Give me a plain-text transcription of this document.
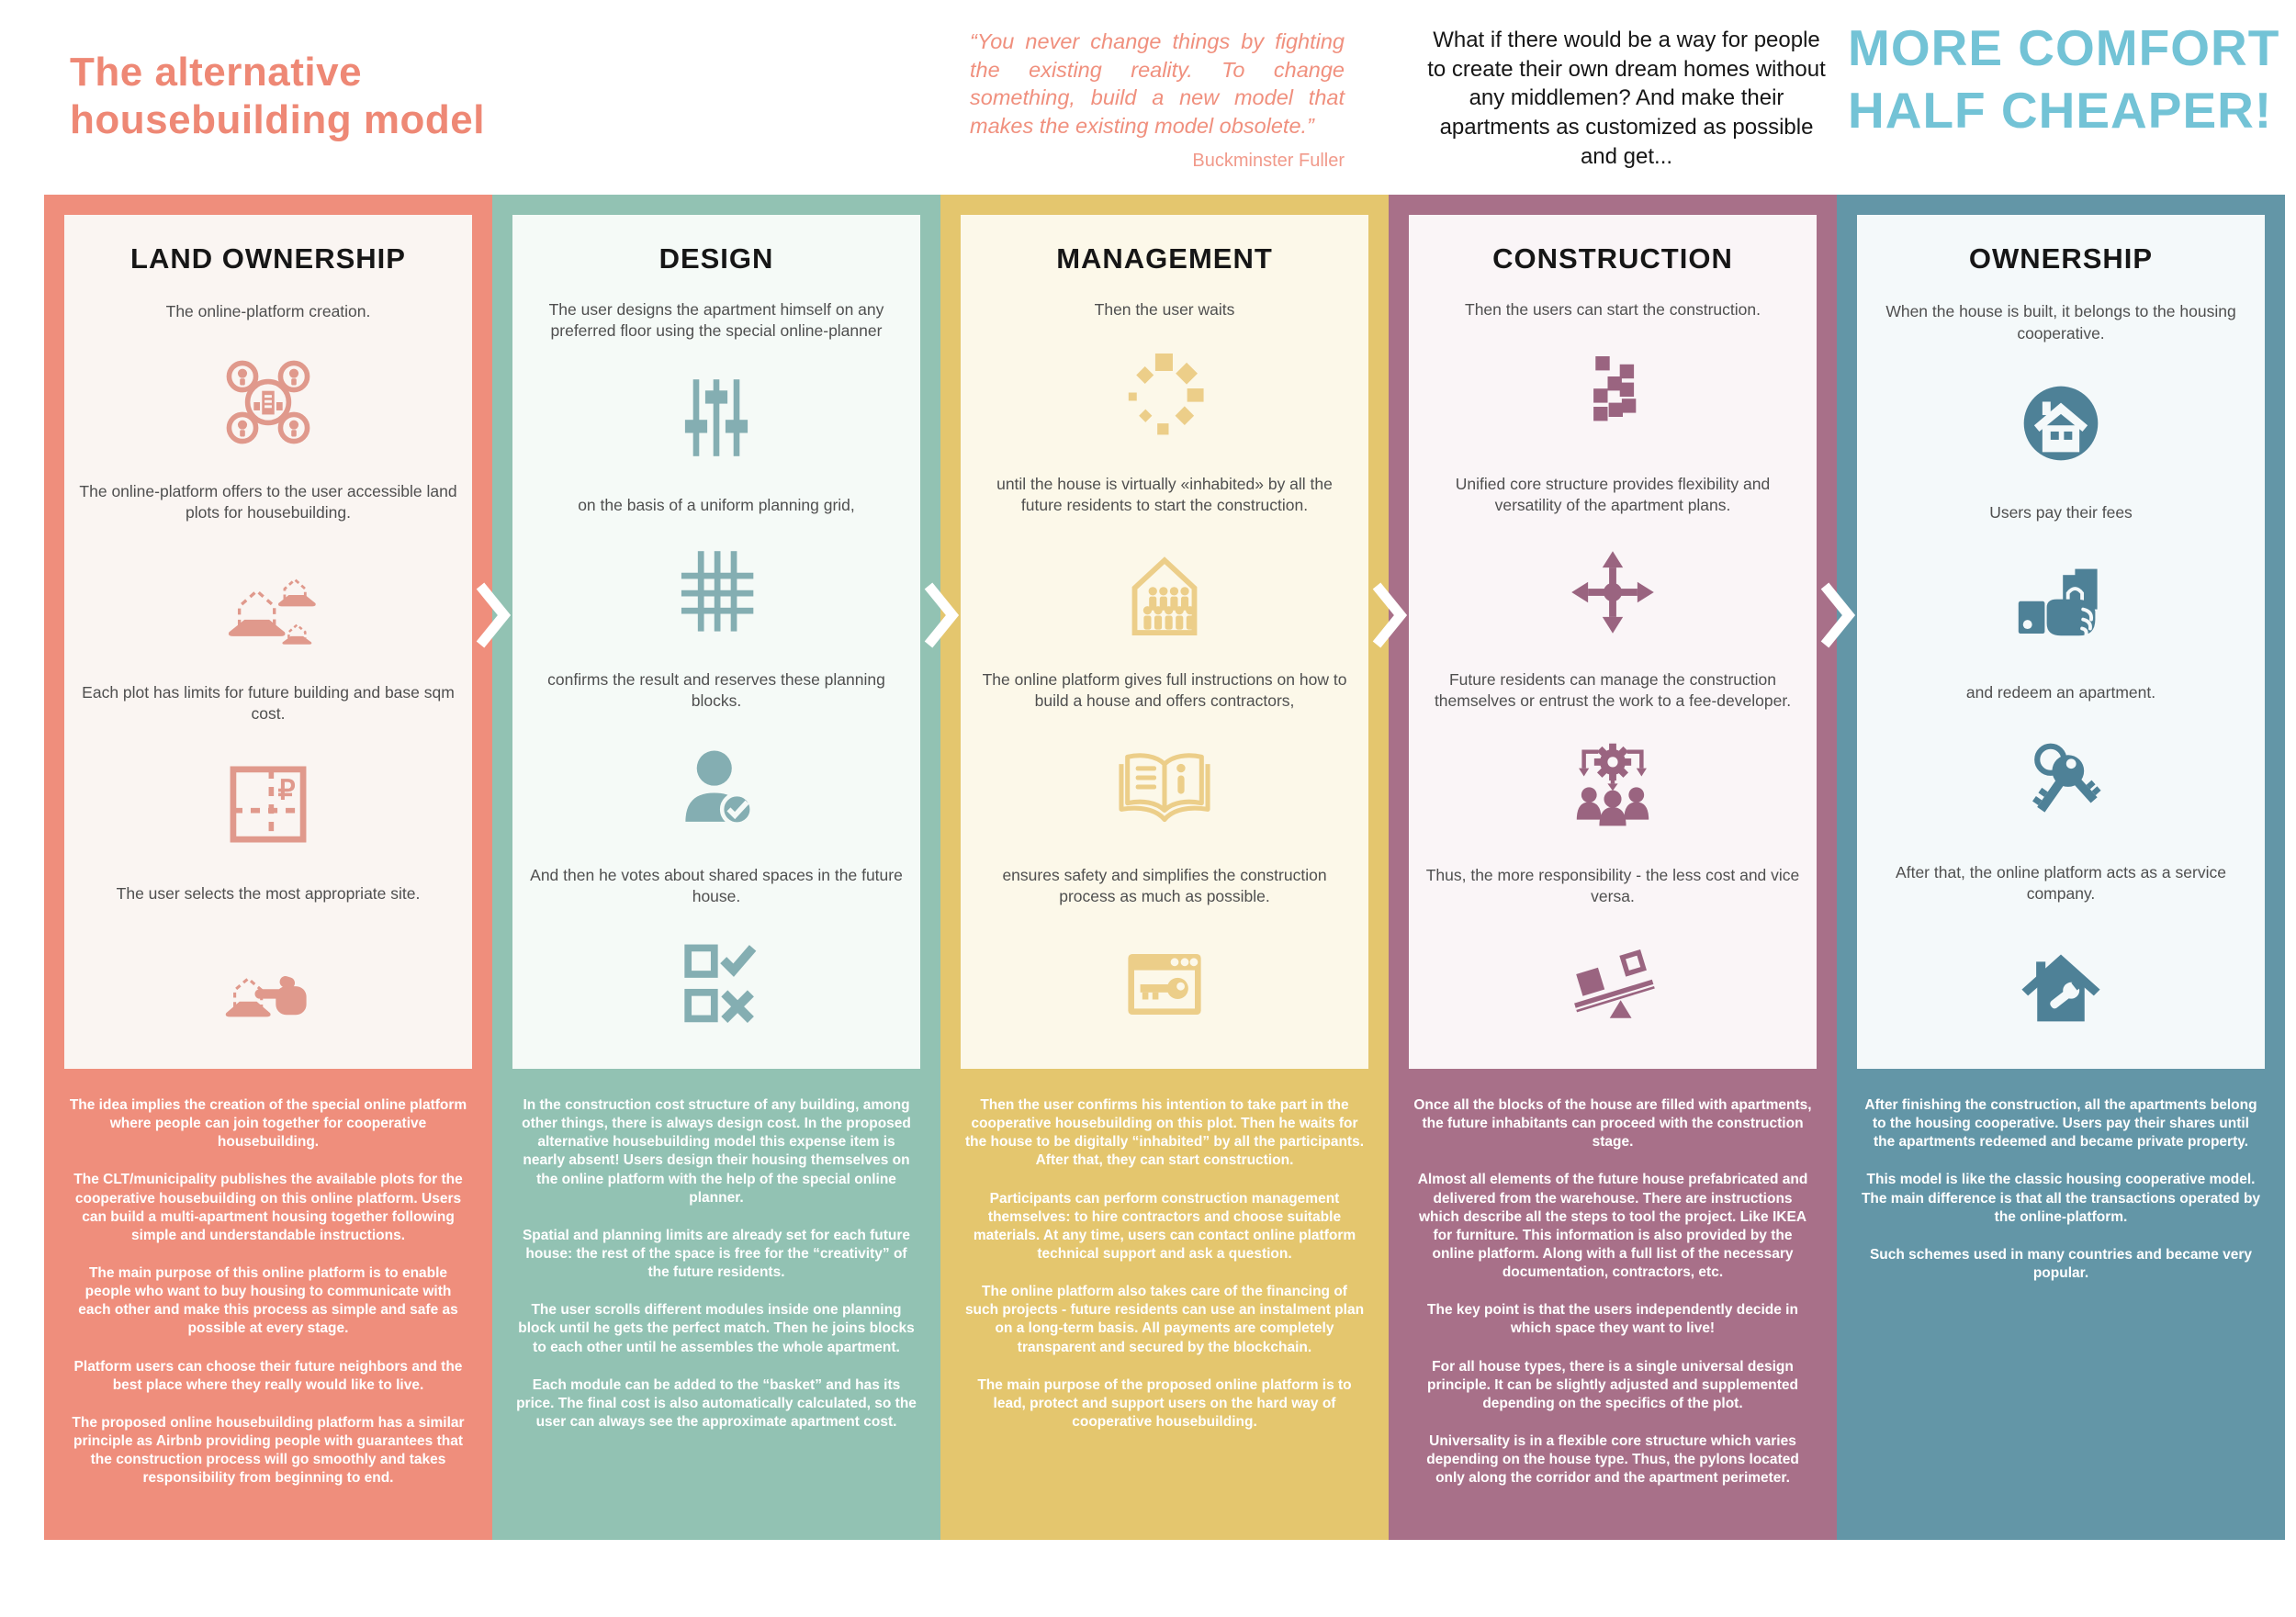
The alternative housebuilding model

“You never change things by fighting the existing reality. To change something, build a new model that makes the existing model obsolete.”

Buckminster Fuller

What if there would be a way for people to create their own dream homes without any middlemen? And make their apartments as customized as possible and get...

MORE COMFORT HALF CHEAPER!
LAND OWNERSHIP

The online-platform creation.

The online-platform offers to the user accessible land plots for housebuilding.

Each plot has limits for future building and base sqm cost.

₽

The user selects the most appropriate site.

The idea implies the creation of the special online platform where people can join together for cooperative housebuilding.

The CLT/municipality publishes the available plots for the cooperative housebuilding on this online platform. Users can build a multi-apartment housing together following simple and understandable instructions.

The main purpose of this online platform is to enable people who want to buy housing to communicate with each other and make this process as simple and safe as possible at every stage.

Platform users can choose their future neighbors and the best place where they really would like to live.

The proposed online housebuilding platform has a similar principle as Airbnb providing people with guarantees that the construction process will go smoothly and takes responsibility from beginning to end.

DESIGN

The user designs the apartment himself on any preferred floor using the special online-planner

on the basis of a uniform planning grid,

confirms the result and reserves these planning blocks.

And then he votes about shared spaces in the future house.

In the construction cost structure of any building, among other things, there is always design cost. In the proposed alternative housebuilding model this expense item is nearly absent! Users design their housing themselves on the online platform with the help of the special online planner.

Spatial and planning limits are already set for each future house: the rest of the space is free for the “creativity” of the future residents.

The user scrolls different modules inside one planning block until he gets the perfect match. Then he joins blocks to each other until he assembles the whole apartment.

Each module can be added to the “basket” and has its price. The final cost is also automatically calculated, so the user can always see the approximate apartment cost.

MANAGEMENT

Then the user waits

until the house is virtually «inhabited» by all the future residents to start the construction.

The online platform gives full instructions on how to build a house and offers contractors,

ensures safety and simplifies the construction process as much as possible.

Then the user confirms his intention to take part in the cooperative housebuilding on this plot. Then he waits for the house to be digitally “inhabited” by all the participants. After that, they can start construction.

Participants can perform construction management themselves: to hire contractors and choose suitable materials. At any time, users can contact online platform technical support and ask a question.

The online platform also takes care of the financing of such projects - future residents can use an instalment plan on a long-term basis. All payments are completely transparent and secured by the blockchain.

The main purpose of the proposed online platform is to lead, protect and support users on the hard way of cooperative housebuilding.

CONSTRUCTION

Then the users can start the construction.

Unified core structure provides flexibility and versatility of the apartment plans.

Future residents can manage the construction themselves or entrust the work to a fee-developer.

Thus, the more responsibility - the less cost and vice versa.

Once all the blocks of the house are filled with apartments, the future inhabitants can proceed with the construction stage.

Almost all elements of the future house prefabricated and delivered from the warehouse. There are instructions which describe all the steps to tool the project. Like IKEA for furniture. This information is also provided by the online platform. Along with a full list of the necessary documentation, contractors, etc.

The key point is that the users independently decide in which space they want to live!

For all house types, there is a single universal design principle. It can be slightly adjusted and supplemented depending on the specifics of the plot.

Universality is in a flexible core structure which varies depending on the house type. Thus, the pylons located only along the corridor and the apartment perimeter.

OWNERSHIP

When the house is built, it belongs to the housing cooperative.

Users pay their fees

and redeem an apartment.

After that, the online platform acts as a service company.

After finishing the construction, all the apartments belong to the housing cooperative. Users pay their shares until the apartments redeemed and became private property.

This model is like the classic housing cooperative model. The main difference is that all the transactions operated by the online-platform.

Such schemes used in many countries and became very popular.
